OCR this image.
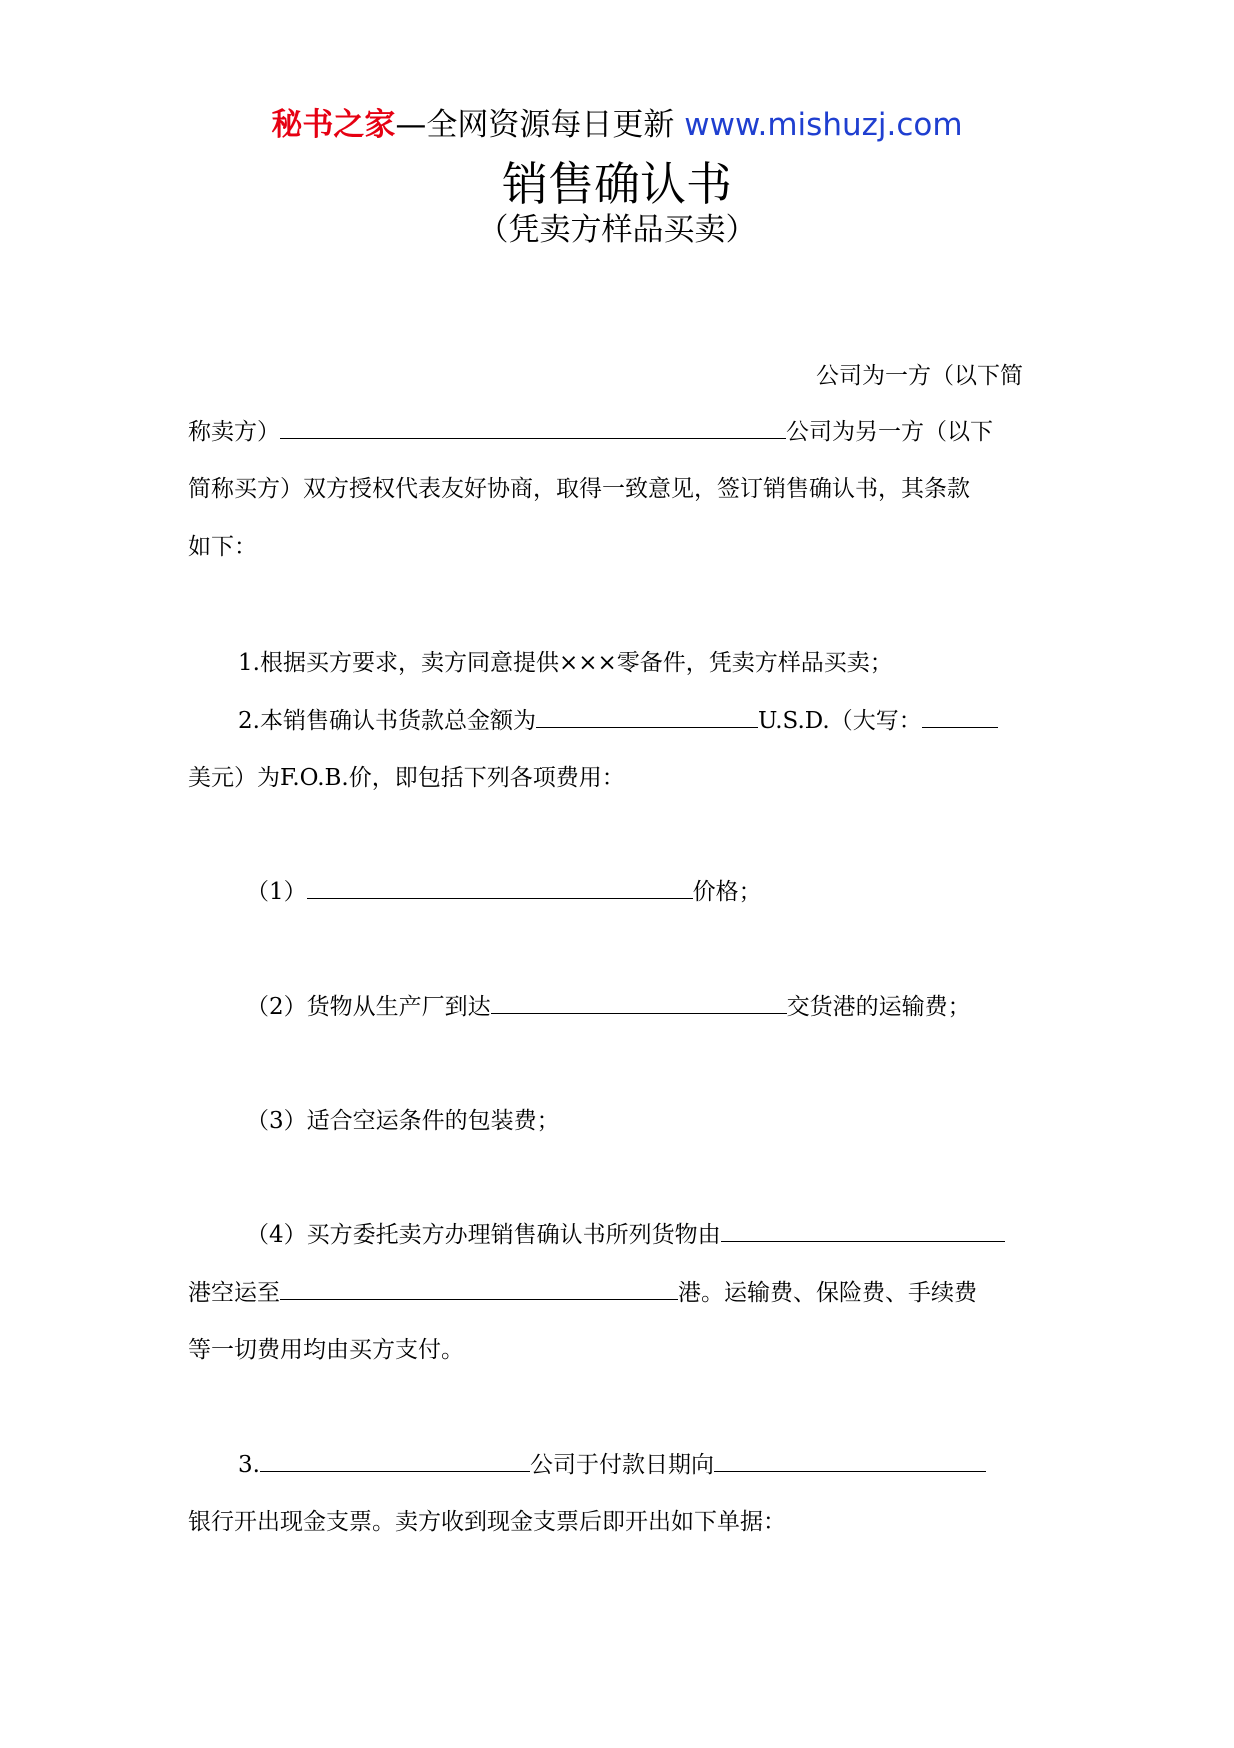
秘书之家—全网资源每日更新 www.mishuzj.com
销售确认书
（凭卖方样品买卖）
公司为一方（以下简
称卖方）	公司为另一方（以下
简称买方）双方授权代表友好协商，取得一致意见，签订销售确认书，其条款
如下：
1.根据买方要求，卖方同意提供×××零备件，凭卖方样品买卖；
2.本销售确认书货款总金额为	U.S.D.（大写：
美元）为F.O.B.价，即包括下列各项费用：
（1）	价格；
（2）货物从生产厂到达	交货港的运输费；
（3）适合空运条件的包装费；
（4）买方委托卖方办理销售确认书所列货物由
港空运至	港。运输费、保险费、手续费
等一切费用均由买方支付。
3.	公司于付款日期向
银行开出现金支票。卖方收到现金支票后即开出如下单据：
